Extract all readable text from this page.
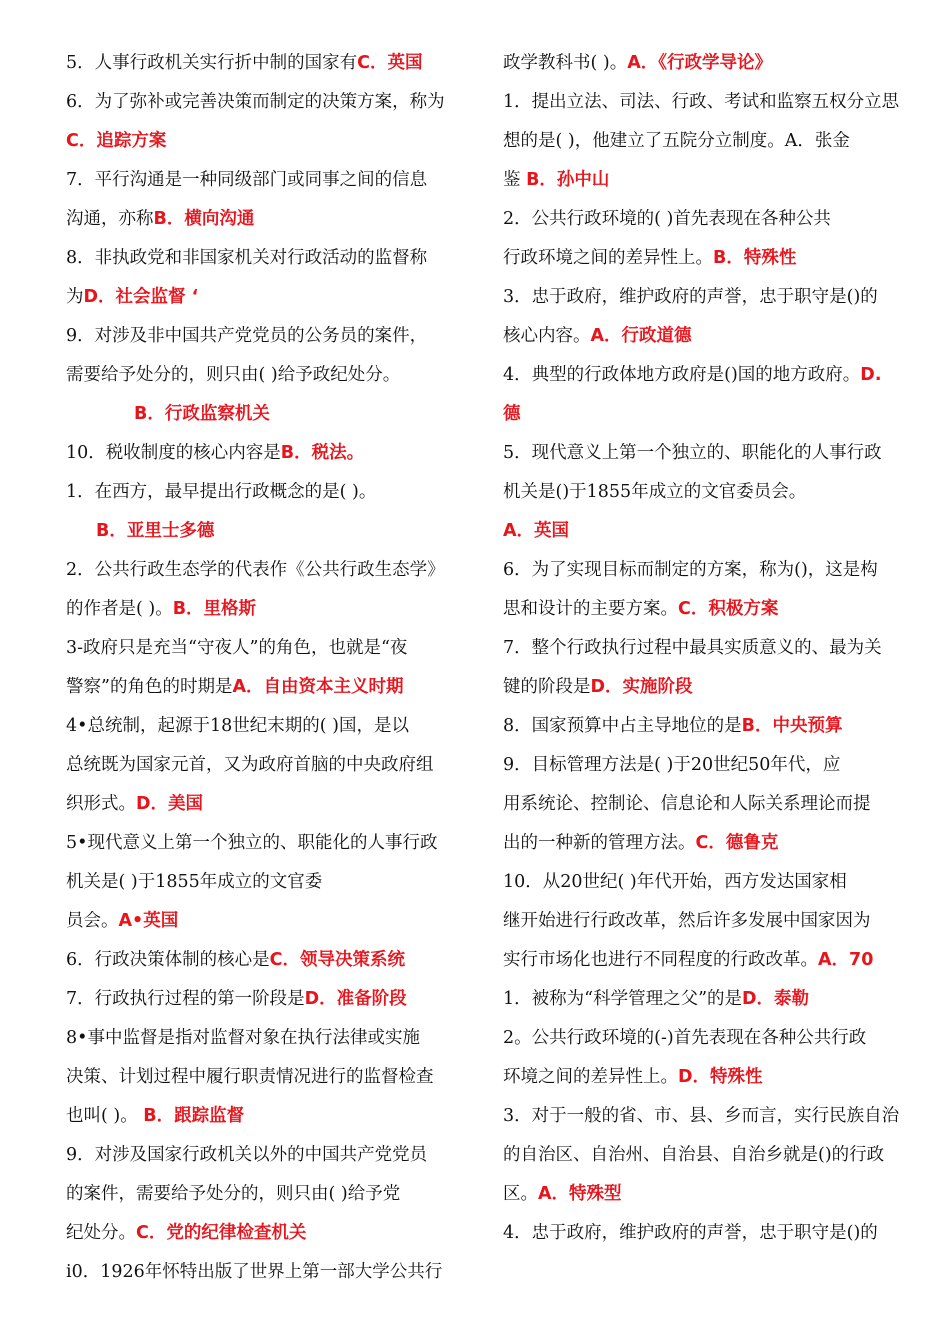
5．人事行政机关实行折中制的国家有C．英国
6．为了弥补或完善决策而制定的决策方案，称为
C．追踪方案
7．平行沟通是一种同级部门或同事之间的信息
沟通，亦称B．横向沟通
8．非执政党和非国家机关对行政活动的监督称
为D．社会监督 ‘
9．对涉及非中国共产党党员的公务员的案件，
需要给予处分的，则只由( )给予政纪处分。
B．行政监察机关
10．税收制度的核心内容是B．税法。
1．在西方，最早提出行政概念的是( )。
B．亚里士多德
2．公共行政生态学的代表作《公共行政生态学》
的作者是( )。B．里格斯
3-政府只是充当“守夜人”的角色，也就是“夜
警察”的角色的时期是A．自由资本主义时期
4•总统制，起源于18世纪末期的( )国，是以
总统既为国家元首，又为政府首脑的中央政府组
织形式。D．美国
5•现代意义上第一个独立的、职能化的人事行政
机关是( )于1855年成立的文官委
员会。A•英国
6．行政决策体制的核心是C．领导决策系统
7．行政执行过程的第一阶段是D．准备阶段
8•事中监督是指对监督对象在执行法律或实施
决策、计划过程中履行职责情况进行的监督检查
也叫( )。 B．跟踪监督
9．对涉及国家行政机关以外的中国共产党党员
的案件，需要给予处分的，则只由( )给予党
纪处分。C．党的纪律检查机关
i0．1926年怀特出版了世界上第一部大学公共行
政学教科书( )。A．《行政学导论》
1．提出立法、司法、行政、考试和监察五权分立思
想的是( )，他建立了五院分立制度。A．张金
鉴 B．孙中山
2．公共行政环境的( )首先表现在各种公共
行政环境之间的差异性上。B．特殊性
3．忠于政府，维护政府的声誉，忠于职守是()的
核心内容。A．行政道德
4．典型的行政体地方政府是()国的地方政府。D.
德
5．现代意义上第一个独立的、职能化的人事行政
机关是()于1855年成立的文官委员会。
A．英国
6．为了实现目标而制定的方案，称为()，这是构
思和设计的主要方案。C．积极方案
7．整个行政执行过程中最具实质意义的、最为关
键的阶段是D．实施阶段
8．国家预算中占主导地位的是B．中央预算
9．目标管理方法是( )于20世纪50年代，应
用系统论、控制论、信息论和人际关系理论而提
出的一种新的管理方法。C．德鲁克
10．从20世纪( )年代开始，西方发达国家相
继开始进行行政改革，然后许多发展中国家因为
实行市场化也进行不同程度的行政改革。A．70
1．被称为“科学管理之父”的是D．泰勒
2。公共行政环境的(-)首先表现在各种公共行政
环境之间的差异性上。D．特殊性
3．对于一般的省、市、县、乡而言，实行民族自治
的自治区、自治州、自治县、自治乡就是()的行政
区。A．特殊型
4．忠于政府，维护政府的声誉，忠于职守是()的
